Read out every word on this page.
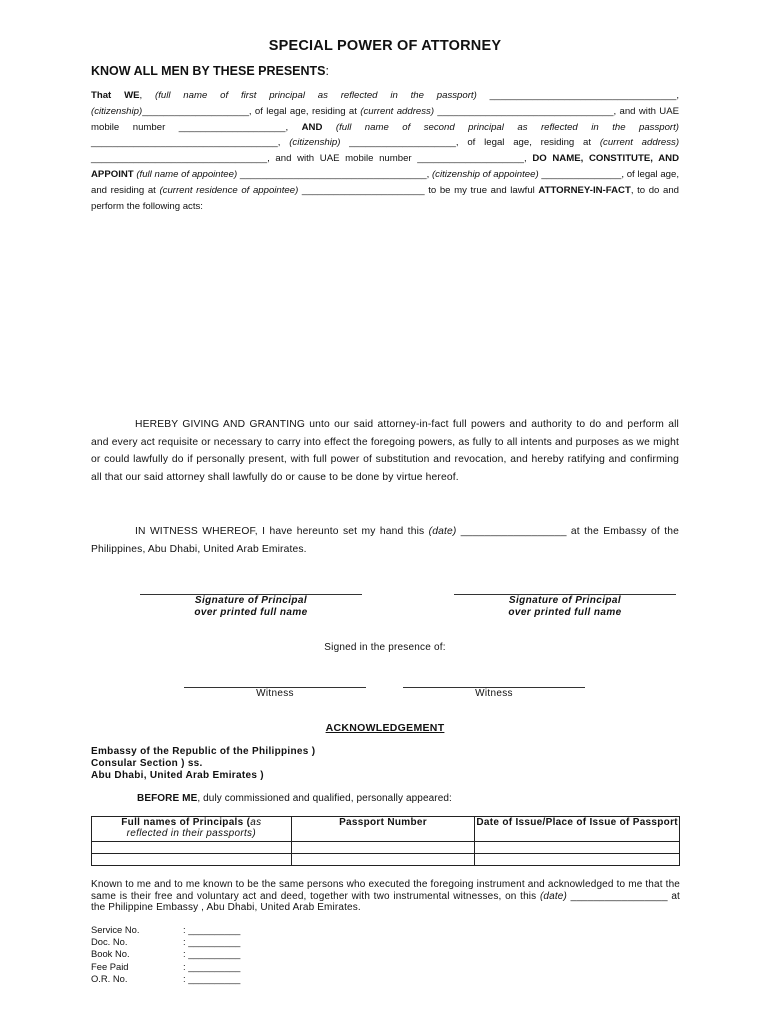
SPECIAL POWER OF ATTORNEY
KNOW ALL MEN BY THESE PRESENTS:
That WE, (full name of first principal as reflected in the passport) ___________________________________, (citizenship)____________________, of legal age, residing at (current address) _________________________________, and with UAE mobile number ____________________, AND (full name of second principal as reflected in the passport) ___________________________________, (citizenship) ____________________, of legal age, residing at (current address) _________________________________, and with UAE mobile number ____________________, DO NAME, CONSTITUTE, AND APPOINT (full name of appointee) ___________________________________, (citizenship of appointee) _______________, of legal age, and residing at (current residence of appointee) _______________________ to be my true and lawful ATTORNEY-IN-FACT, to do and perform the following acts:
HEREBY GIVING AND GRANTING unto our said attorney-in-fact full powers and authority to do and perform all and every act requisite or necessary to carry into effect the foregoing powers, as fully to all intents and purposes as we might or could lawfully do if personally present, with full power of substitution and revocation, and hereby ratifying and confirming all that our said attorney shall lawfully do or cause to be done by virtue hereof.
IN WITNESS WHEREOF, I have hereunto set my hand this (date) __________________ at the Embassy of the Philippines, Abu Dhabi, United Arab Emirates.
Signature of Principal
over printed full name
Signature of Principal
over printed full name
Signed in the presence of:
Witness	Witness
ACKNOWLEDGEMENT
Embassy of the Republic of the Philippines )
Consular Section ) ss.
Abu Dhabi, United Arab Emirates )
BEFORE ME, duly commissioned and qualified, personally appeared:
Full names of Principals (as
reflected in their passports)	Passport Number	Date of Issue/Place of Issue of Passport

Known to me and to me known to be the same persons who executed the foregoing instrument and acknowledged to me that the same is their free and voluntary act and deed, together with two instrumental witnesses, on this (date) _________________ at the Philippine Embassy , Abu Dhabi, United Arab Emirates.
Service No.	: __________
Doc. No.	: __________
Book No.	: __________
Fee Paid	: __________
O.R. No.	: __________
